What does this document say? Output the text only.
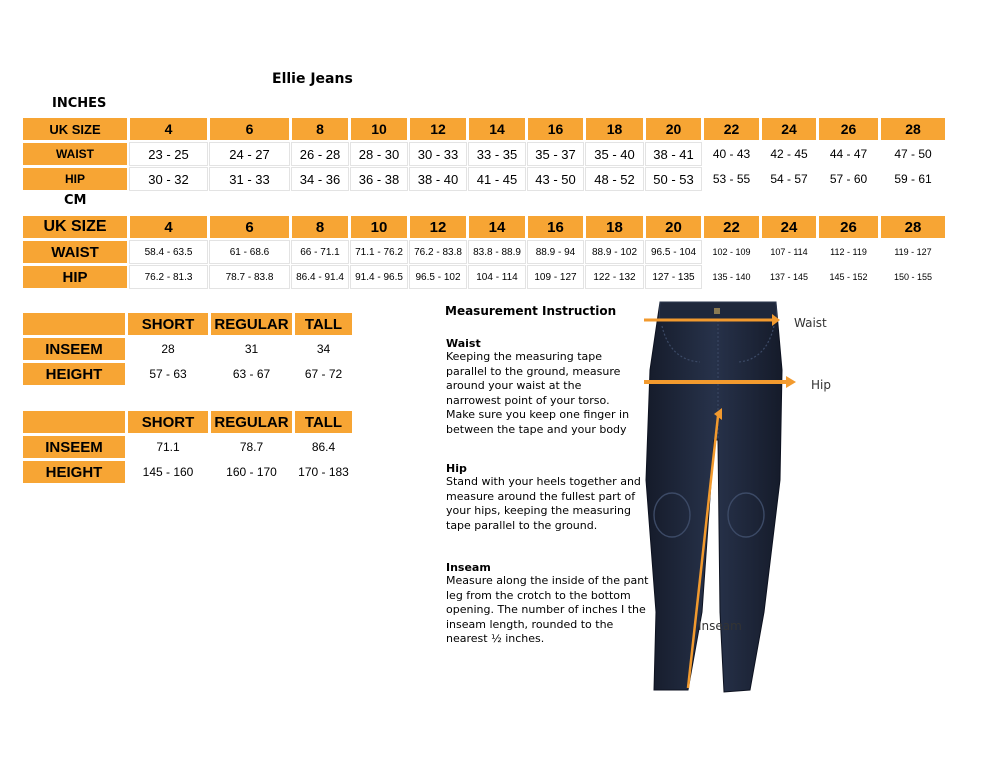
Ellie Jeans
INCHES
UK SIZE	4	6	8	10	12	14	16	18	20	22	24	26	28
WAIST	23 - 25	24 - 27	26 - 28	28 - 30	30 - 33	33 - 35	35 - 37	35 - 40	38 - 41	40 - 43	42 - 45	44 - 47	47 - 50
HIP	30 - 32	31 - 33	34 - 36	36 - 38	38 - 40	41 - 45	43 - 50	48 - 52	50 - 53	53 - 55	54 - 57	57 - 60	59 - 61
CM
UK SIZE	4	6	8	10	12	14	16	18	20	22	24	26	28
WAIST	58.4 - 63.5	61 - 68.6	66 - 71.1	71.1 - 76.2	76.2 - 83.8	83.8 - 88.9	88.9 - 94	88.9 - 102	96.5 - 104	102 - 109	107 - 114	112 - 119	119 - 127
HIP	76.2 - 81.3	78.7 - 83.8	86.4 - 91.4	91.4 - 96.5	96.5 - 102	104 - 114	109 - 127	122 - 132	127 - 135	135 - 140	137 - 145	145 - 152	150 - 155
	SHORT	REGULAR	TALL
INSEEM	28	31	34
HEIGHT	57 - 63	63 - 67	67 - 72
	SHORT	REGULAR	TALL
INSEEM	71.1	78.7	86.4
HEIGHT	145 - 160	160 - 170	170 - 183
Measurement Instruction
Waist
Keeping the measuring tape
parallel to the ground, measure
around your waist at the
narrowest point of your torso.
Make sure you keep one finger in
between the tape and your body
Hip
Stand with your heels together and
measure around the fullest part of
your hips, keeping the measuring
tape parallel to the ground.
Inseam
Measure along the inside of the pant
leg from the crotch to the bottom
opening. The number of inches I the
inseam length, rounded to the
nearest ½ inches.
Waist
Hip
Inseam
